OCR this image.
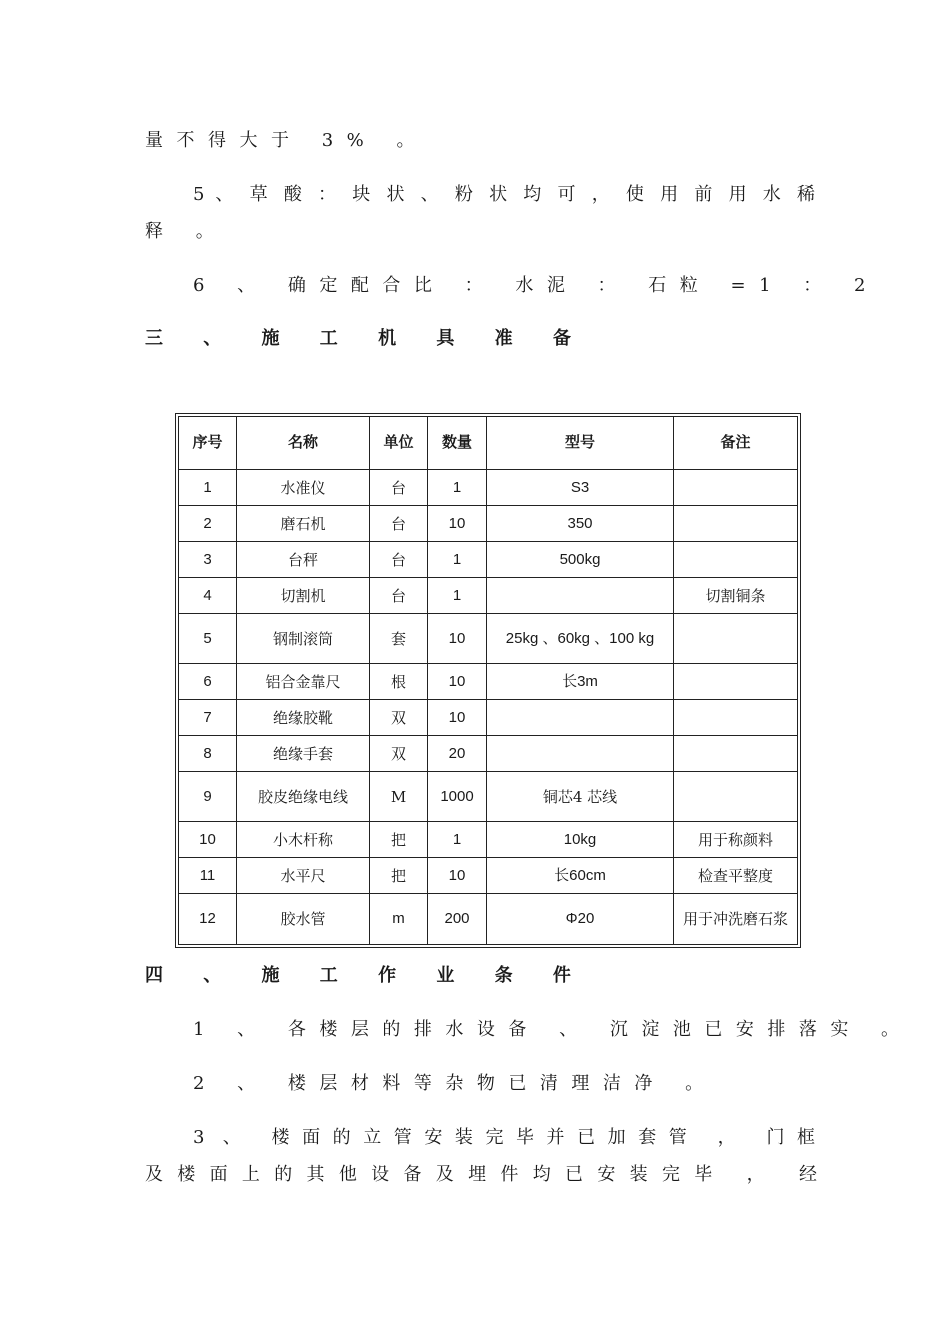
量不得大于 3% 。

5 、 草 酸 ： 块 状 、 粉 状 均 可 ， 使 用 前 用 水 稀

释 。

6 、 确定配合比 ： 水泥 ： 石粒 =1 ： 2

三 、 施 工 机 具 准 备
序号	名称	单位	数量	型号	备注
1	水准仪	台	1	S3	
2	磨石机	台	10	350	
3	台秤	台	1	500kg	
4	切割机	台	1		切割铜条
5	钢制滚筒	套	10	25kg 、60kg 、100 kg	
6	铝合金靠尺	根	10	长3m	
7	绝缘胶靴	双	10		
8	绝缘手套	双	20		
9	胶皮绝缘电线	M	1000	铜芯4 芯线	
10	小木杆称	把	1	10kg	用于称颜料
11	水平尺	把	10	长60cm	检查平整度
12	胶水管	m	200	Φ20	用于冲洗磨石浆
四 、 施 工 作 业 条 件

1 、 各楼层的排水设备 、 沉淀池已安排落实 。

2 、 楼层材料等杂物已清理洁净 。

3 、 楼面的立管安装完毕并已加套管 ， 门框

及楼面上的其他设备及埋件均已安装完毕 ， 经
